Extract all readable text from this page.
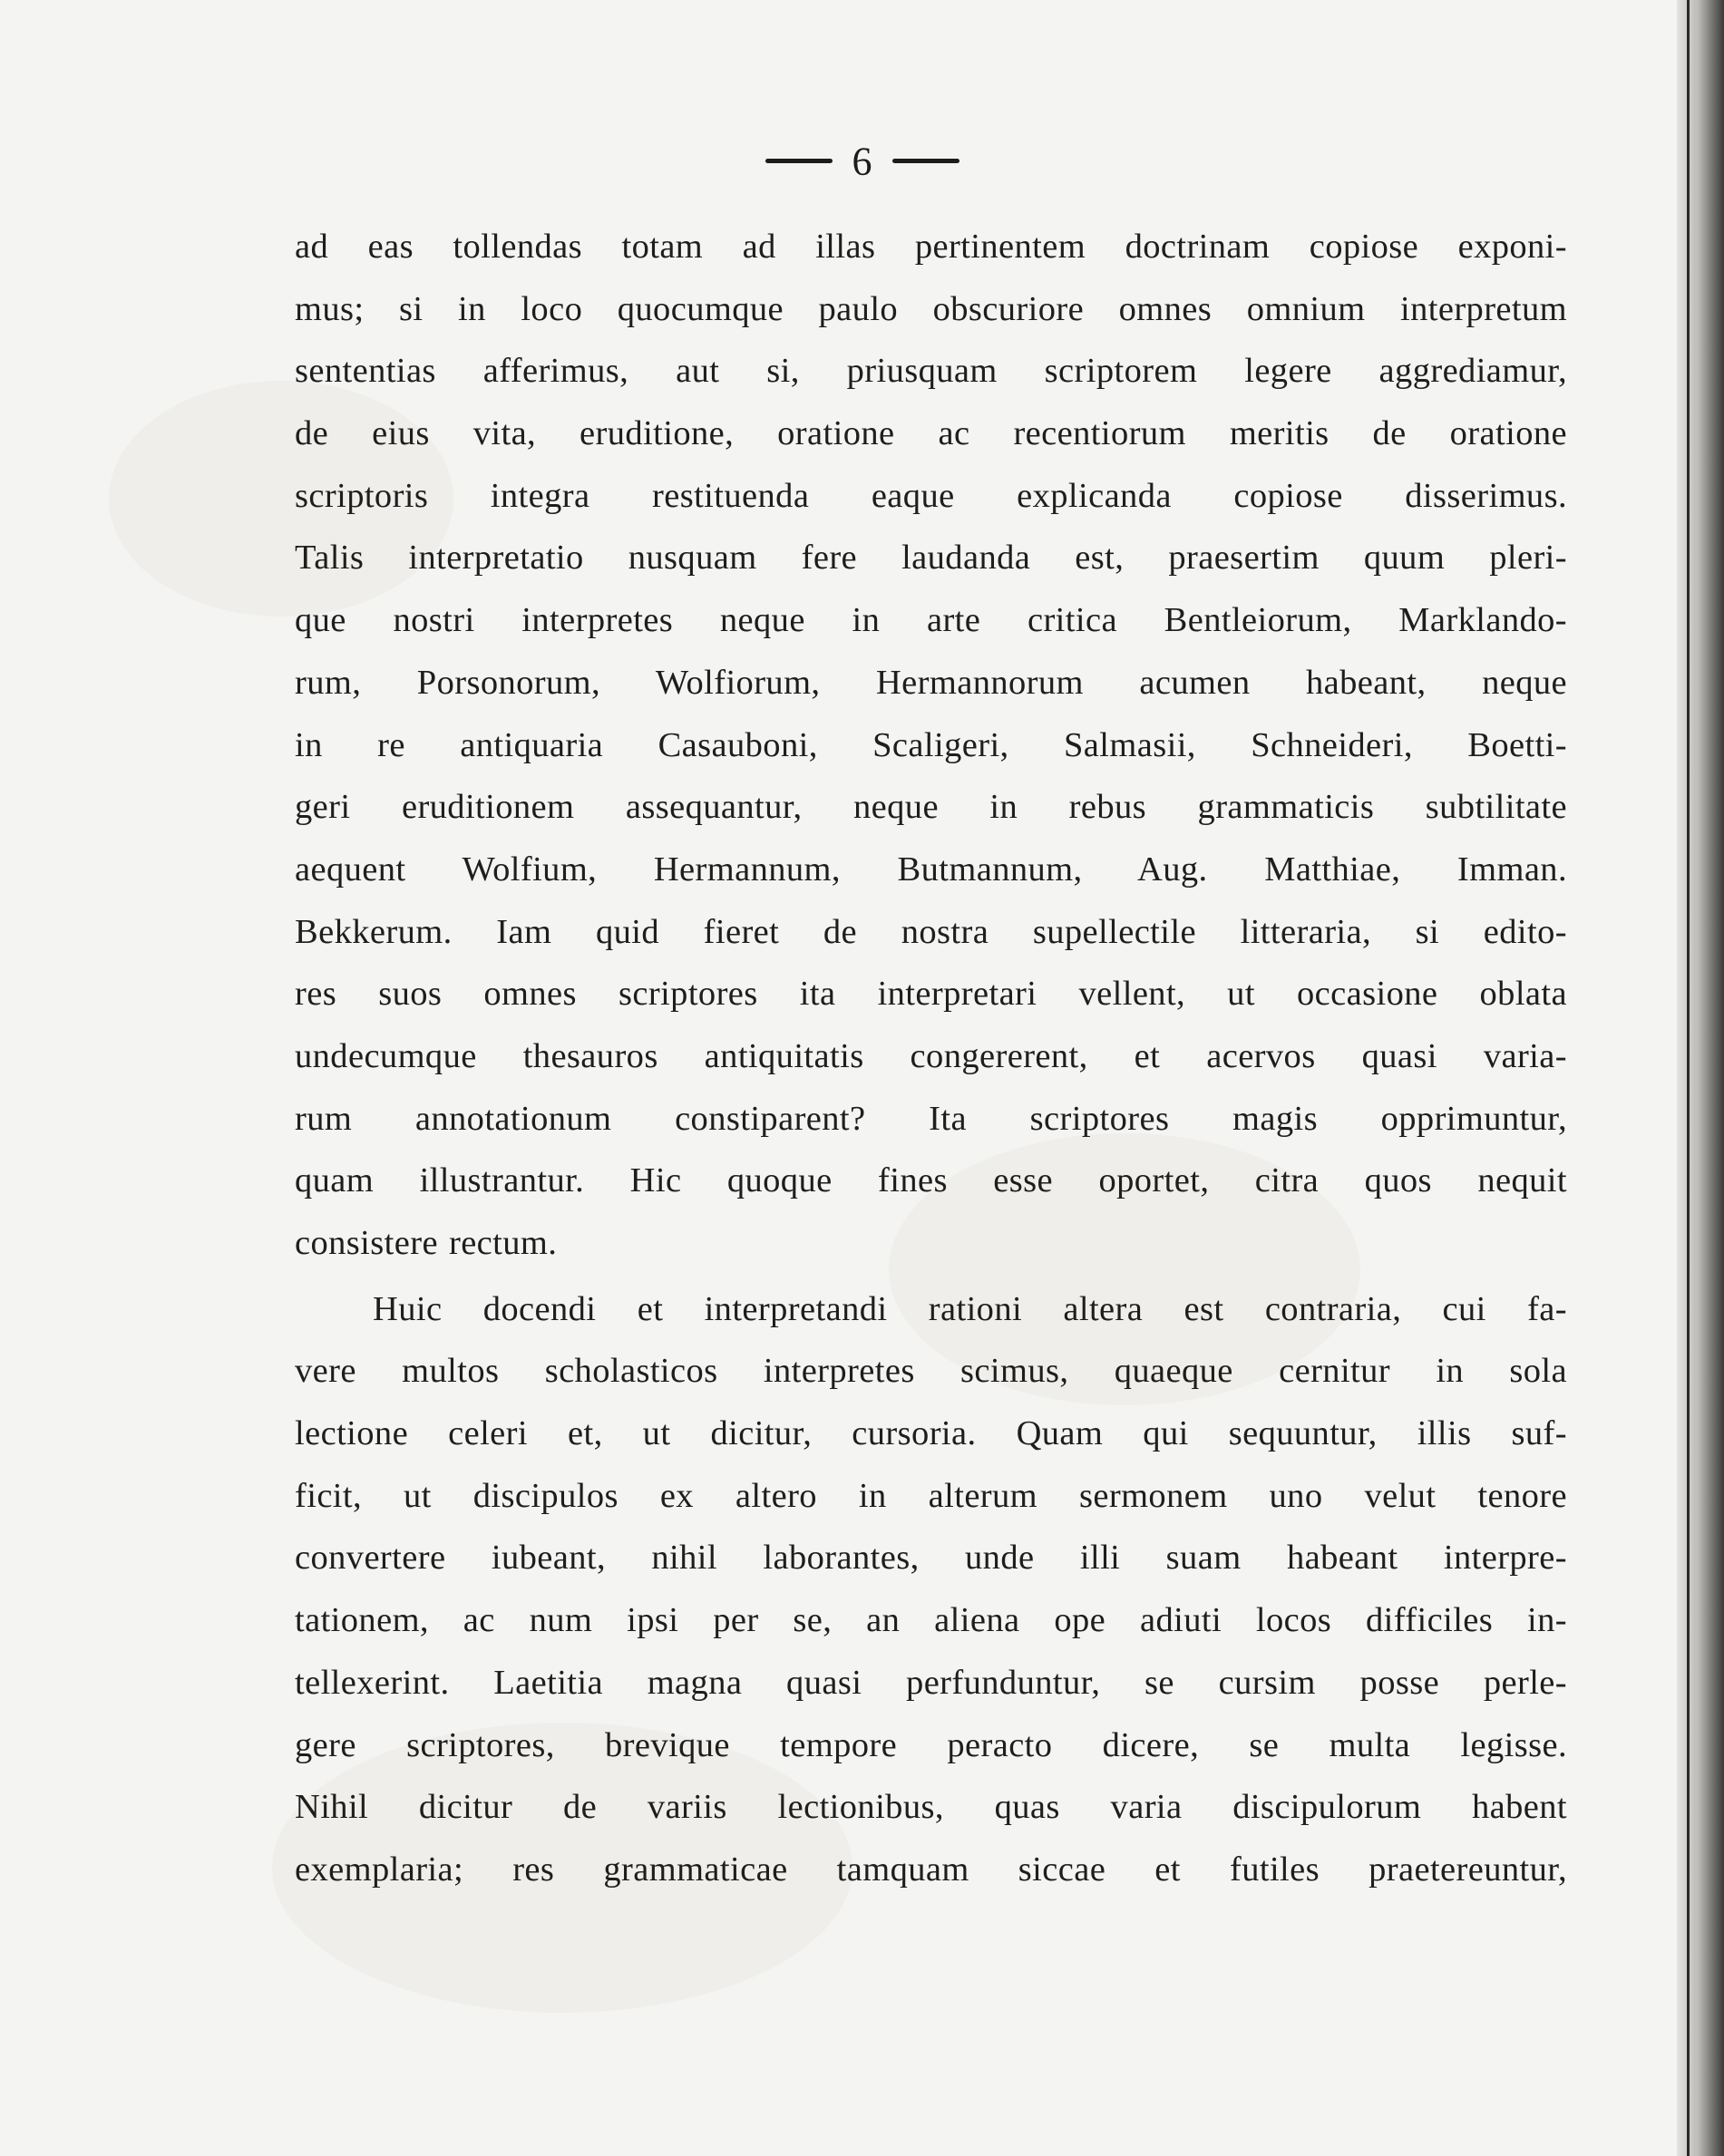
6
ad eas tollendas totam ad illas pertinentem doctrinam copiose exponi-
mus; si in loco quocumque paulo obscuriore omnes omnium interpretum
sententias afferimus, aut si, priusquam scriptorem legere aggrediamur,
de eius vita, eruditione, oratione ac recentiorum meritis de oratione
scriptoris integra restituenda eaque explicanda copiose disserimus.
Talis interpretatio nusquam fere laudanda est, praesertim quum pleri-
que nostri interpretes neque in arte critica Bentleiorum, Marklando-
rum, Porsonorum, Wolfiorum, Hermannorum acumen habeant, neque
in re antiquaria Casauboni, Scaligeri, Salmasii, Schneideri, Boetti-
geri eruditionem assequantur, neque in rebus grammaticis subtilitate
aequent Wolfium, Hermannum, Butmannum, Aug. Matthiae, Imman.
Bekkerum. Iam quid fieret de nostra supellectile litteraria, si edito-
res suos omnes scriptores ita interpretari vellent, ut occasione oblata
undecumque thesauros antiquitatis congererent, et acervos quasi varia-
rum annotationum constiparent? Ita scriptores magis opprimuntur,
quam illustrantur. Hic quoque fines esse oportet, citra quos nequit
consistere rectum.
Huic docendi et interpretandi rationi altera est contraria, cui fa-
vere multos scholasticos interpretes scimus, quaeque cernitur in sola
lectione celeri et, ut dicitur, cursoria. Quam qui sequuntur, illis suf-
ficit, ut discipulos ex altero in alterum sermonem uno velut tenore
convertere iubeant, nihil laborantes, unde illi suam habeant interpre-
tationem, ac num ipsi per se, an aliena ope adiuti locos difficiles in-
tellexerint. Laetitia magna quasi perfunduntur, se cursim posse perle-
gere scriptores, brevique tempore peracto dicere, se multa legisse.
Nihil dicitur de variis lectionibus, quas varia discipulorum habent
exemplaria; res grammaticae tamquam siccae et futiles praetereuntur,
